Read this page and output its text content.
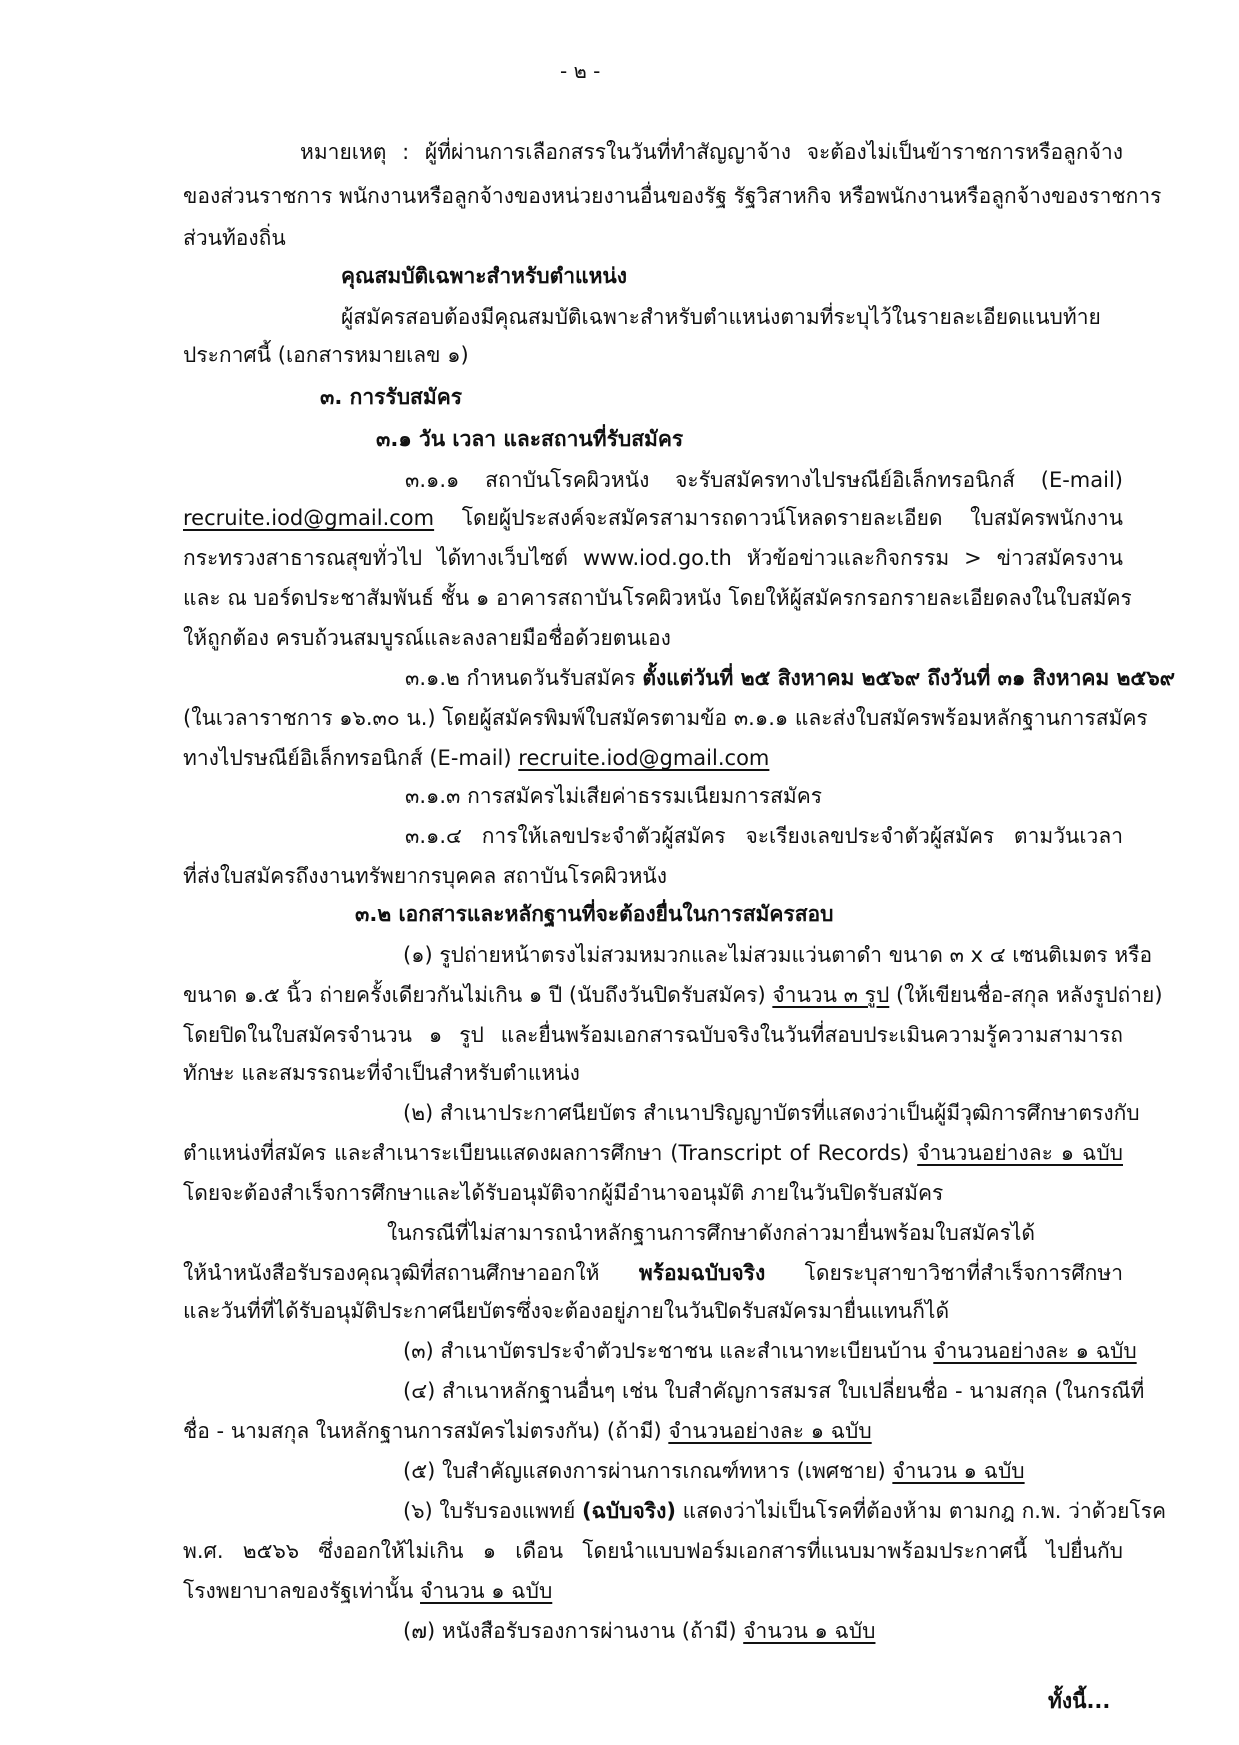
- ๒ -
หมายเหตุ : ผู้ที่ผ่านการเลือกสรรในวันที่ทำสัญญาจ้าง จะต้องไม่เป็นข้าราชการหรือลูกจ้าง
ของส่วนราชการ พนักงานหรือลูกจ้างของหน่วยงานอื่นของรัฐ รัฐวิสาหกิจ หรือพนักงานหรือลูกจ้างของราชการ
ส่วนท้องถิ่น
คุณสมบัติเฉพาะสำหรับตำแหน่ง
ผู้สมัครสอบต้องมีคุณสมบัติเฉพาะสำหรับตำแหน่งตามที่ระบุไว้ในรายละเอียดแนบท้าย
ประกาศนี้ (เอกสารหมายเลข ๑)
๓. การรับสมัคร
๓.๑ วัน เวลา และสถานที่รับสมัคร
๓.๑.๑ สถาบันโรคผิวหนัง จะรับสมัครทางไปรษณีย์อิเล็กทรอนิกส์ (E-mail)
recruite.iod@gmail.com โดยผู้ประสงค์จะสมัครสามารถดาวน์โหลดรายละเอียด ใบสมัครพนักงาน
กระทรวงสาธารณสุขทั่วไป ได้ทางเว็บไซต์ www.iod.go.th หัวข้อข่าวและกิจกรรม > ข่าวสมัครงาน
และ ณ บอร์ดประชาสัมพันธ์ ชั้น ๑ อาคารสถาบันโรคผิวหนัง โดยให้ผู้สมัครกรอกรายละเอียดลงในใบสมัคร
ให้ถูกต้อง ครบถ้วนสมบูรณ์และลงลายมือชื่อด้วยตนเอง
๓.๑.๒ กำหนดวันรับสมัคร ตั้งแต่วันที่ ๒๕ สิงหาคม ๒๕๖๙ ถึงวันที่ ๓๑ สิงหาคม ๒๕๖๙
(ในเวลาราชการ ๑๖.๓๐ น.) โดยผู้สมัครพิมพ์ใบสมัครตามข้อ ๓.๑.๑ และส่งใบสมัครพร้อมหลักฐานการสมัคร
ทางไปรษณีย์อิเล็กทรอนิกส์ (E-mail) recruite.iod@gmail.com
๓.๑.๓ การสมัครไม่เสียค่าธรรมเนียมการสมัคร
๓.๑.๔ การให้เลขประจำตัวผู้สมัคร จะเรียงเลขประจำตัวผู้สมัคร ตามวันเวลา
ที่ส่งใบสมัครถึงงานทรัพยากรบุคคล สถาบันโรคผิวหนัง
๓.๒ เอกสารและหลักฐานที่จะต้องยื่นในการสมัครสอบ
(๑) รูปถ่ายหน้าตรงไม่สวมหมวกและไม่สวมแว่นตาดำ ขนาด ๓ x ๔ เซนติเมตร หรือ
ขนาด ๑.๕ นิ้ว ถ่ายครั้งเดียวกันไม่เกิน ๑ ปี (นับถึงวันปิดรับสมัคร) จำนวน ๓ รูป (ให้เขียนชื่อ-สกุล หลังรูปถ่าย)
โดยปิดในใบสมัครจำนวน ๑ รูป และยื่นพร้อมเอกสารฉบับจริงในวันที่สอบประเมินความรู้ความสามารถ
ทักษะ และสมรรถนะที่จำเป็นสำหรับตำแหน่ง
(๒) สำเนาประกาศนียบัตร สำเนาปริญญาบัตรที่แสดงว่าเป็นผู้มีวุฒิการศึกษาตรงกับ
ตำแหน่งที่สมัคร และสำเนาระเบียนแสดงผลการศึกษา (Transcript of Records) จำนวนอย่างละ ๑ ฉบับ
โดยจะต้องสำเร็จการศึกษาและได้รับอนุมัติจากผู้มีอำนาจอนุมัติ ภายในวันปิดรับสมัคร
ในกรณีที่ไม่สามารถนำหลักฐานการศึกษาดังกล่าวมายื่นพร้อมใบสมัครได้
ให้นำหนังสือรับรองคุณวุฒิที่สถานศึกษาออกให้ พร้อมฉบับจริง โดยระบุสาขาวิชาที่สำเร็จการศึกษา
และวันที่ที่ได้รับอนุมัติประกาศนียบัตรซึ่งจะต้องอยู่ภายในวันปิดรับสมัครมายื่นแทนก็ได้
(๓) สำเนาบัตรประจำตัวประชาชน และสำเนาทะเบียนบ้าน จำนวนอย่างละ ๑ ฉบับ
(๔) สำเนาหลักฐานอื่นๆ เช่น ใบสำคัญการสมรส ใบเปลี่ยนชื่อ - นามสกุล (ในกรณีที่
ชื่อ - นามสกุล ในหลักฐานการสมัครไม่ตรงกัน) (ถ้ามี) จำนวนอย่างละ ๑ ฉบับ
(๕) ใบสำคัญแสดงการผ่านการเกณฑ์ทหาร (เพศชาย) จำนวน ๑ ฉบับ
(๖) ใบรับรองแพทย์ (ฉบับจริง) แสดงว่าไม่เป็นโรคที่ต้องห้าม ตามกฎ ก.พ. ว่าด้วยโรค
พ.ศ. ๒๕๖๖ ซึ่งออกให้ไม่เกิน ๑ เดือน โดยนำแบบฟอร์มเอกสารที่แนบมาพร้อมประกาศนี้ ไปยื่นกับ
โรงพยาบาลของรัฐเท่านั้น จำนวน ๑ ฉบับ
(๗) หนังสือรับรองการผ่านงาน (ถ้ามี) จำนวน ๑ ฉบับ
ทั้งนี้...
